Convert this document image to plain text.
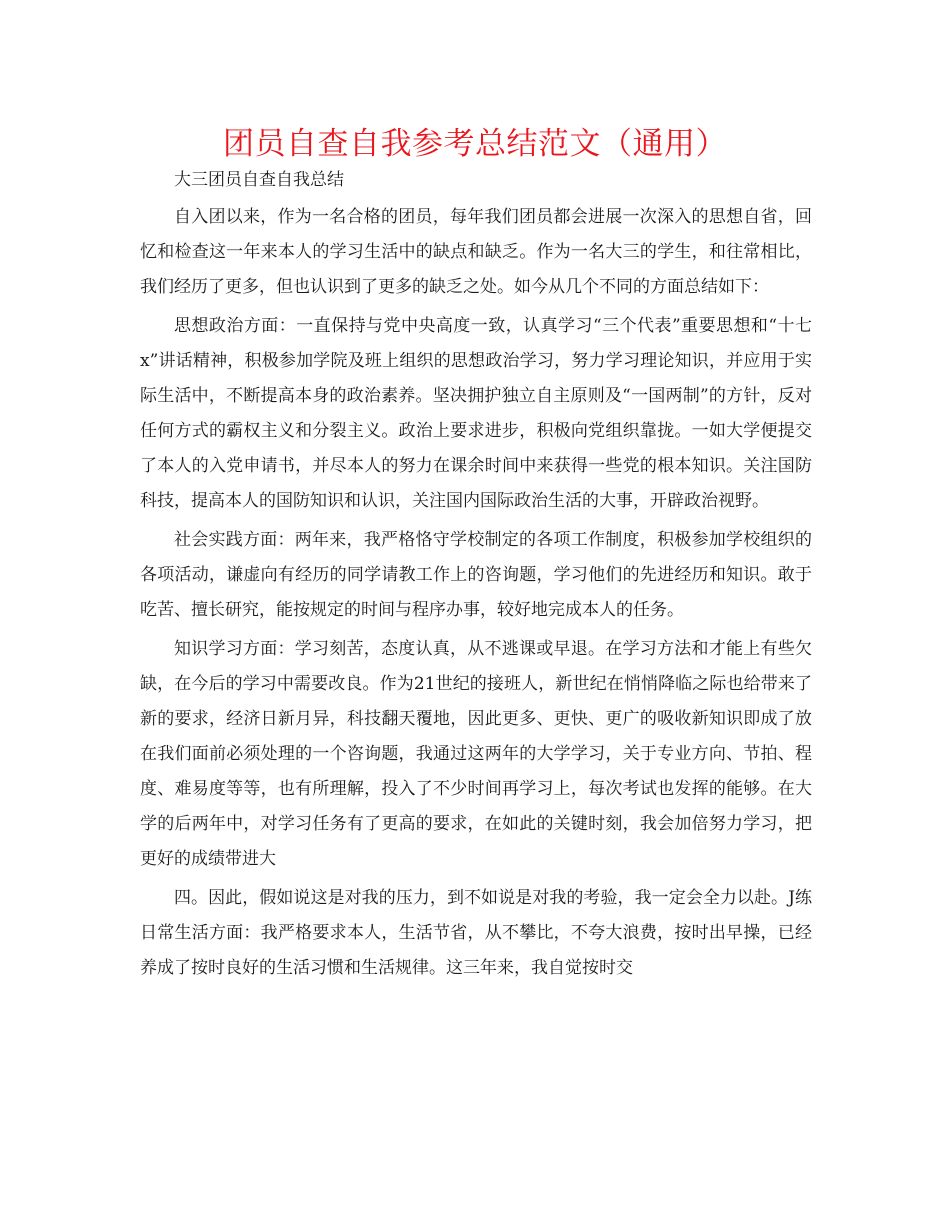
团员自查自我参考总结范文（通用）

大三团员自查自我总结

自入团以来，作为一名合格的团员，每年我们团员都会进展一次深入的思想自省，回忆和检查这一年来本人的学习生活中的缺点和缺乏。作为一名大三的学生，和往常相比，我们经历了更多，但也认识到了更多的缺乏之处。如今从几个不同的方面总结如下：

思想政治方面：一直保持与党中央高度一致，认真学习“三个代表”重要思想和“十七x”讲话精神，积极参加学院及班上组织的思想政治学习，努力学习理论知识，并应用于实际生活中，不断提高本身的政治素养。坚决拥护独立自主原则及“一国两制”的方针，反对任何方式的霸权主义和分裂主义。政治上要求进步，积极向党组织靠拢。一如大学便提交了本人的入党申请书，并尽本人的努力在课余时间中来获得一些党的根本知识。关注国防科技，提高本人的国防知识和认识，关注国内国际政治生活的大事，开辟政治视野。

社会实践方面：两年来，我严格恪守学校制定的各项工作制度，积极参加学校组织的各项活动，谦虚向有经历的同学请教工作上的咨询题，学习他们的先进经历和知识。敢于吃苦、擅长研究，能按规定的时间与程序办事，较好地完成本人的任务。

知识学习方面：学习刻苦，态度认真，从不逃课或早退。在学习方法和才能上有些欠缺，在今后的学习中需要改良。作为21世纪的接班人，新世纪在悄悄降临之际也给带来了新的要求，经济日新月异，科技翻天覆地，因此更多、更快、更广的吸收新知识即成了放在我们面前必须处理的一个咨询题，我通过这两年的大学学习，关于专业方向、节拍、程度、难易度等等，也有所理解，投入了不少时间再学习上，每次考试也发挥的能够。在大学的后两年中，对学习任务有了更高的要求，在如此的关键时刻，我会加倍努力学习，把更好的成绩带进大

四。因此，假如说这是对我的压力，到不如说是对我的考验，我一定会全力以赴。J练日常生活方面：我严格要求本人，生活节省，从不攀比，不夸大浪费，按时出早操，已经养成了按时良好的生活习惯和生活规律。这三年来，我自觉按时交
